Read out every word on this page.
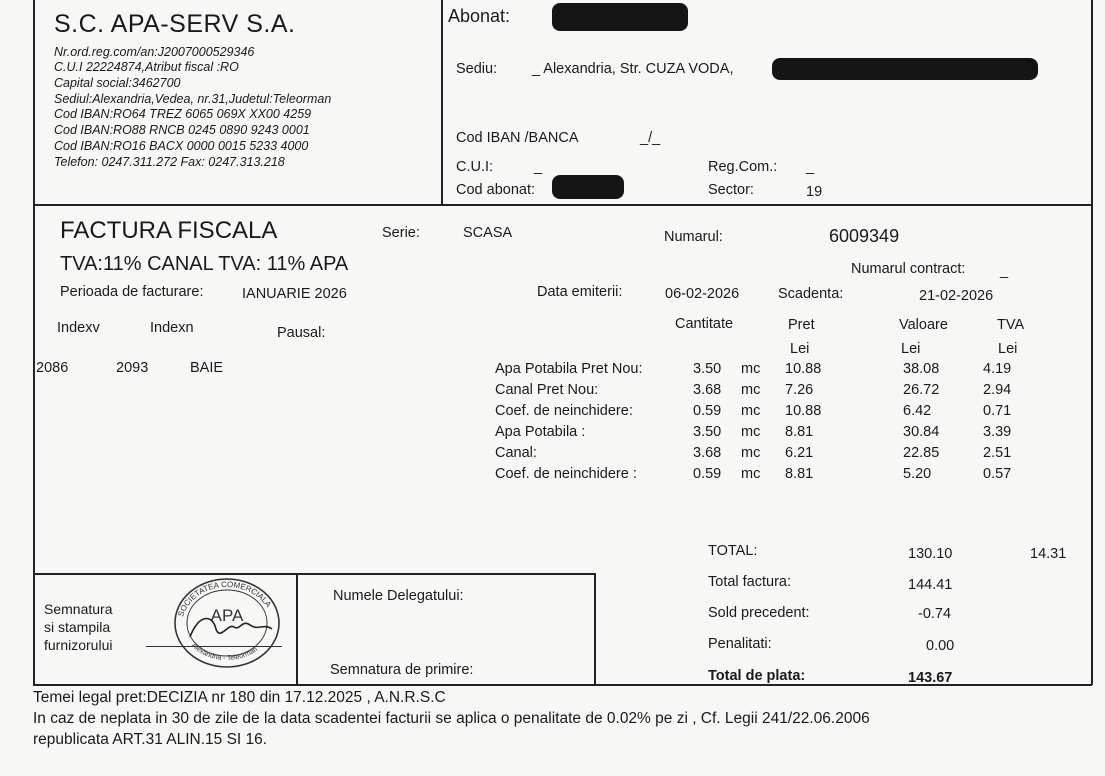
S.C. APA-SERV S.A.
Nr.ord.reg.com/an:J2007000529346
C.U.I 22224874,Atribut fiscal :RO
Capital social:3462700
Sediul:Alexandria,Vedea, nr.31,Judetul:Teleorman
Cod IBAN:RO64 TREZ 6065 069X XX00 4259
Cod IBAN:RO88 RNCB 0245 0890 9243 0001
Cod IBAN:RO16 BACX 0000 0015 5233 4000
Telefon: 0247.311.272 Fax: 0247.313.218
Abonat:
Sediu: _ Alexandria, Str. CUZA VODA,
Cod IBAN /BANCA	_/_
C.U.I:	_	Reg.Com.: _
Cod abonat:	Sector:	19
FACTURA FISCALA	Serie:	SCASA	Numarul:	6009349
TVA:11% CANAL TVA: 11% APA	Numarul contract: _
Perioada de facturare:	IANUARIE 2026	Data emiterii:	06-02-2026	Scadenta:	21-02-2026
Indexv	Indexn	Pausal:
Cantitate	Pret	Valoare	TVA
Lei	Lei	Lei
2086	2093	BAIE	Apa Potabila Pret Nou:	3.50 mc 10.88	38.08	4.19
Canal Pret Nou:	3.68 mc 7.26	26.72	2.94
Coef. de neinchidere:	0.59 mc 10.88	6.42	0.71
Apa Potabila :	3.50 mc 8.81	30.84	3.39
Canal:	3.68 mc 6.21	22.85	2.51
Coef. de neinchidere :	0.59 mc 8.81	5.20	0.57
TOTAL:	130.10	14.31
Total factura:	144.41
Sold precedent:	-0.74
Penalitati:	0.00
Total de plata:	143.67
Semnatura
si stampila
furnizorului
SOCIETATEA COMERCIALA
Alexandria - Teleorman
APA
Numele Delegatului:
Semnatura de primire:
Temei legal pret:DECIZIA nr 180 din 17.12.2025 , A.N.R.S.C
In caz de neplata in 30 de zile de la data scadentei facturii se aplica o penalitate de 0.02% pe zi , Cf. Legii 241/22.06.2006
republicata ART.31 ALIN.15 SI 16.
